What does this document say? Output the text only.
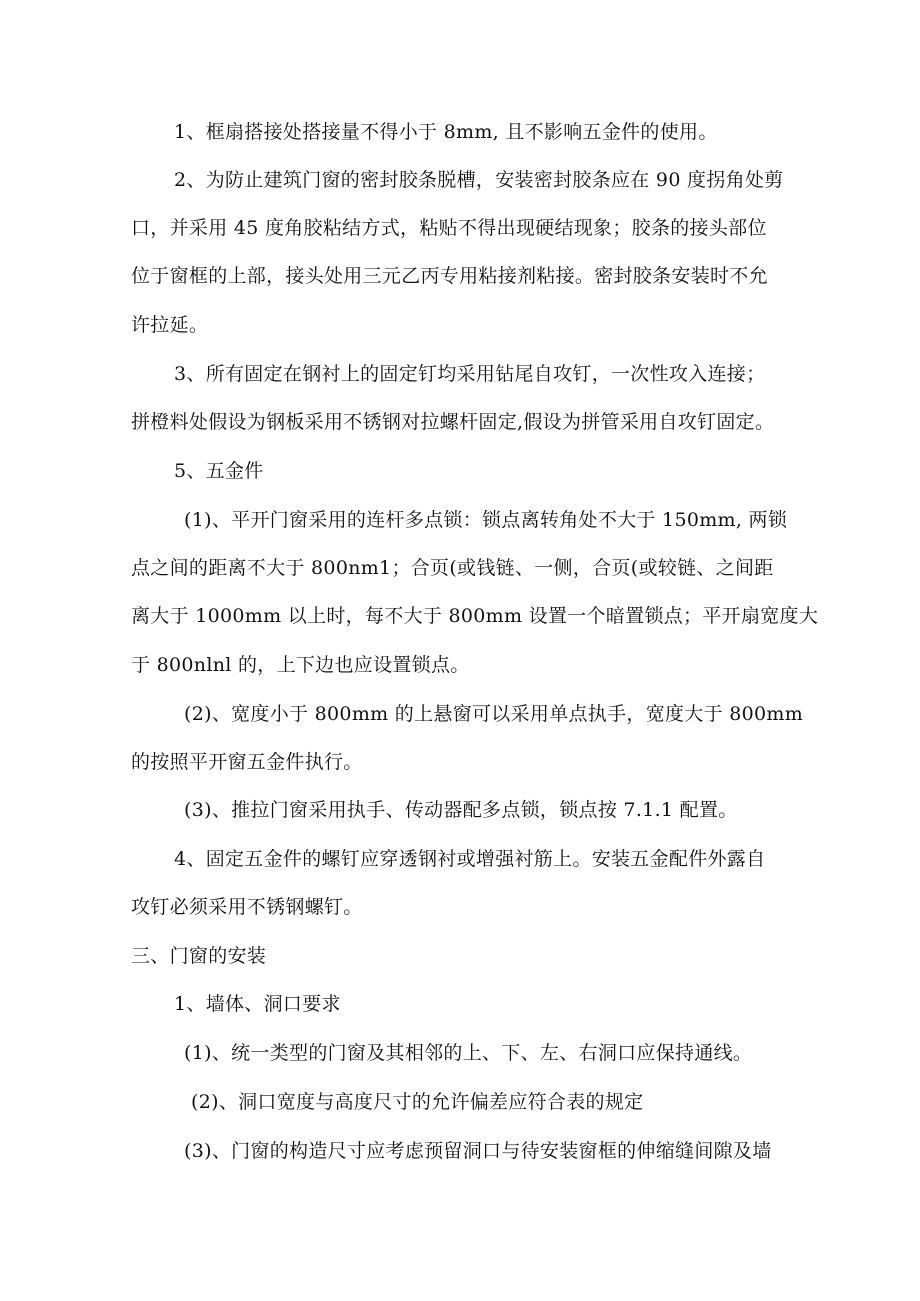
1、框扇搭接处搭接量不得小于 8mm, 且不影响五金件的使用。
2、为防止建筑门窗的密封胶条脱槽，安装密封胶条应在 90 度拐角处剪
口，并采用 45 度角胶粘结方式，粘贴不得出现硬结现象；胶条的接头部位
位于窗框的上部，接头处用三元乙丙专用粘接剂粘接。密封胶条安装时不允
许拉延。
3、所有固定在钢衬上的固定钉均采用钻尾自攻钉，一次性攻入连接；
拼橙料处假设为钢板采用不锈钢对拉螺杆固定,假设为拼管采用自攻钉固定。
5、五金件
(1)、平开门窗采用的连杆多点锁：锁点离转角处不大于 150mm, 两锁
点之间的距离不大于 800nm1；合页(或钱链、一侧，合页(或较链、之间距
离大于 1000mm 以上时，每不大于 800mm 设置一个暗置锁点；平开扇宽度大
于 800nlnl 的，上下边也应设置锁点。
(2)、宽度小于 800mm 的上悬窗可以采用单点执手，宽度大于 800mm
的按照平开窗五金件执行。
(3)、推拉门窗采用执手、传动器配多点锁，锁点按 7.1.1 配置。
4、固定五金件的螺钉应穿透钢衬或增强衬筋上。安装五金配件外露自
攻钉必须采用不锈钢螺钉。
三、门窗的安装
1、墙体、洞口要求
(1)、统一类型的门窗及其相邻的上、下、左、右洞口应保持通线。
(2)、洞口宽度与高度尺寸的允许偏差应符合表的规定
(3)、门窗的构造尺寸应考虑预留洞口与待安装窗框的伸缩缝间隙及墙
